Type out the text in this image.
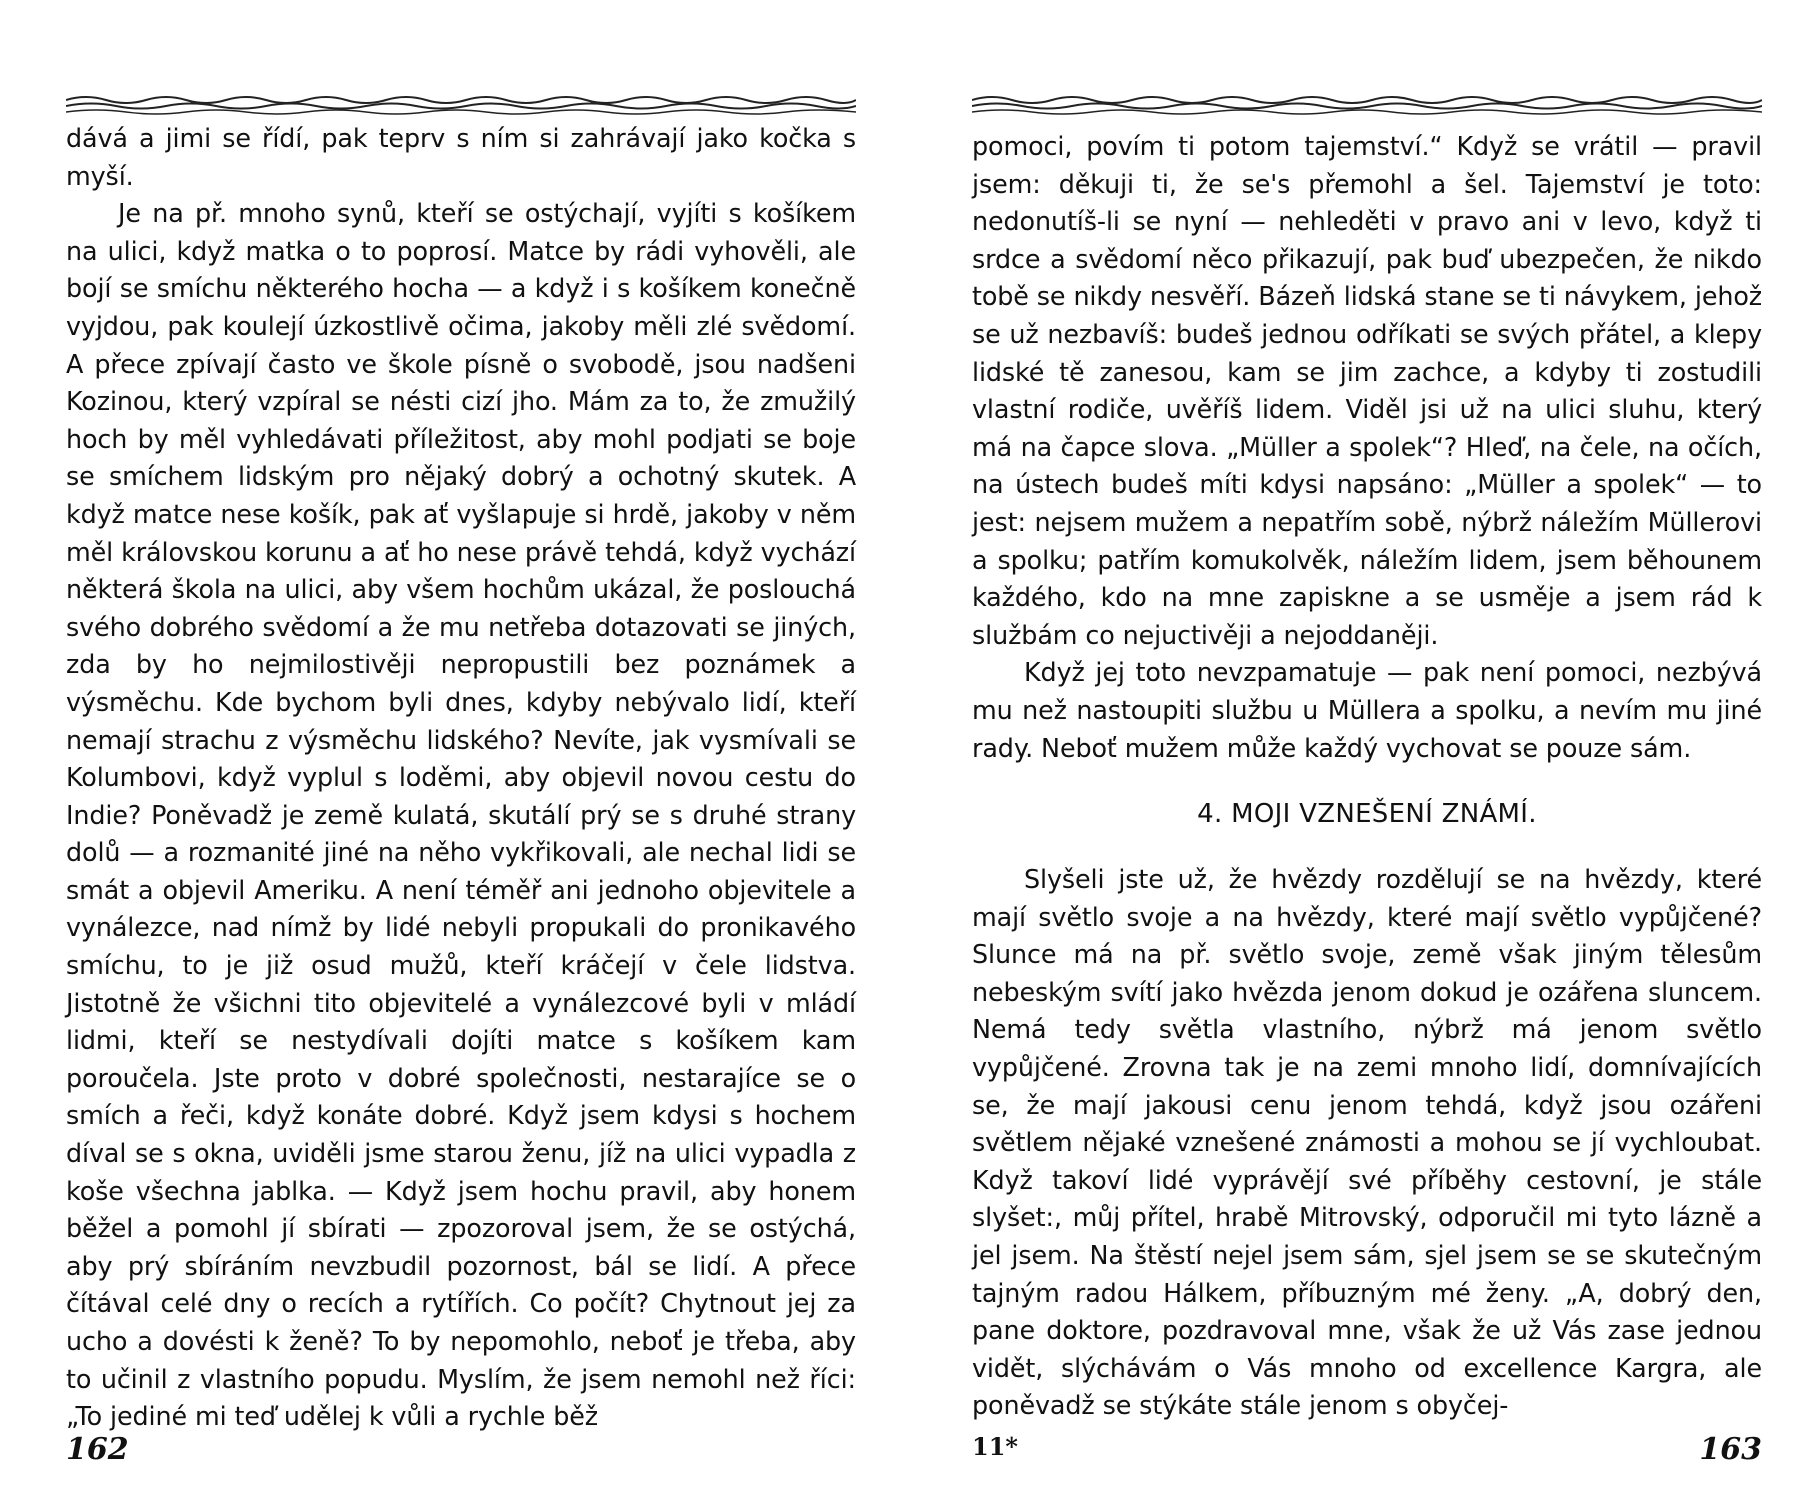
dává a jimi se řídí, pak teprv s ním si zahrávají jako kočka s myší.

Je na př. mnoho synů, kteří se ostýchají, vyjíti s košíkem na ulici, když matka o to poprosí. Matce by rádi vyhověli, ale bojí se smíchu některého hocha — a když i s košíkem konečně vyjdou, pak koulejí úzkostlivě očima, jakoby měli zlé svědomí. A přece zpívají často ve škole písně o svobodě, jsou nadšeni Kozinou, který vzpíral se nésti cizí jho. Mám za to, že zmužilý hoch by měl vyhledávati příležitost, aby mohl podjati se boje se smíchem lidským pro nějaký dobrý a ochotný skutek. A když matce nese košík, pak ať vyšlapuje si hrdě, jakoby v něm měl královskou korunu a ať ho nese právě tehdá, když vychází některá škola na ulici, aby všem hochům ukázal, že poslouchá svého dobrého svědomí a že mu netřeba dotazovati se jiných, zda by ho nejmilostivěji nepropustili bez poznámek a výsměchu. Kde bychom byli dnes, kdyby nebývalo lidí, kteří nemají strachu z výsměchu lidského? Nevíte, jak vysmívali se Kolumbovi, když vyplul s loděmi, aby objevil novou cestu do Indie? Poněvadž je země kulatá, skutálí prý se s druhé strany dolů — a rozmanité jiné na něho vykřikovali, ale nechal lidi se smát a objevil Ameriku. A není téměř ani jednoho objevitele a vynálezce, nad nímž by lidé nebyli propukali do pronikavého smíchu, to je již osud mužů, kteří kráčejí v čele lidstva. Jistotně že všichni tito objevitelé a vynálezcové byli v mládí lidmi, kteří se nestydívali dojíti matce s košíkem kam poroučela. Jste proto v dobré společnosti, nestarajíce se o smích a řeči, když konáte dobré. Když jsem kdysi s hochem díval se s okna, uviděli jsme starou ženu, jíž na ulici vypadla z koše všechna jablka. — Když jsem hochu pravil, aby honem běžel a pomohl jí sbírati — zpozoroval jsem, že se ostýchá, aby prý sbíráním nevzbudil pozornost, bál se lidí. A přece čítával celé dny o recích a rytířích. Co počít? Chytnout jej za ucho a dovésti k ženě? To by nepomohlo, neboť je třeba, aby to učinil z vlastního popudu. Myslím, že jsem nemohl než říci: „To jediné mi teď udělej k vůli a rychle běž

162

pomoci, povím ti potom tajemství.“ Když se vrátil — pravil jsem: děkuji ti, že se's přemohl a šel. Tajemství je toto: nedonutíš-li se nyní — nehleděti v pravo ani v levo, když ti srdce a svědomí něco přikazují, pak buď ubezpečen, že nikdo tobě se nikdy nesvěří. Bázeň lidská stane se ti návykem, jehož se už nezbavíš: budeš jednou odříkati se svých přátel, a klepy lidské tě zanesou, kam se jim zachce, a kdyby ti zostudili vlastní rodiče, uvěříš lidem. Viděl jsi už na ulici sluhu, který má na čapce slova. „Müller a spolek“? Hleď, na čele, na očích, na ústech budeš míti kdysi napsáno: „Müller a spolek“ — to jest: nejsem mužem a nepatřím sobě, nýbrž náležím Müllerovi a spolku; patřím komukolvěk, náležím lidem, jsem běhounem každého, kdo na mne zapiskne a se usměje a jsem rád k službám co nejuctivěji a nejoddaněji.

Když jej toto nevzpamatuje — pak není pomoci, nezbývá mu než nastoupiti službu u Müllera a spolku, a nevím mu jiné rady. Neboť mužem může každý vychovat se pouze sám.

4. MOJI VZNEŠENÍ ZNÁMÍ.

Slyšeli jste už, že hvězdy rozdělují se na hvězdy, které mají světlo svoje a na hvězdy, které mají světlo vypůjčené? Slunce má na př. světlo svoje, země však jiným tělesům nebeským svítí jako hvězda jenom dokud je ozářena sluncem. Nemá tedy světla vlastního, nýbrž má jenom světlo vypůjčené. Zrovna tak je na zemi mnoho lidí, domnívajících se, že mají jakousi cenu jenom tehdá, když jsou ozářeni světlem nějaké vznešené známosti a mohou se jí vychloubat. Když takoví lidé vyprávějí své příběhy cestovní, je stále slyšet:, můj přítel, hrabě Mitrovský, odporučil mi tyto lázně a jel jsem. Na štěstí nejel jsem sám, sjel jsem se se skutečným tajným radou Hálkem, příbuzným mé ženy. „A, dobrý den, pane doktore, pozdravoval mne, však že už Vás zase jednou vidět, slýchávám o Vás mnoho od excellence Kargra, ale poněvadž se stýkáte stále jenom s obyčej-

11*	163
